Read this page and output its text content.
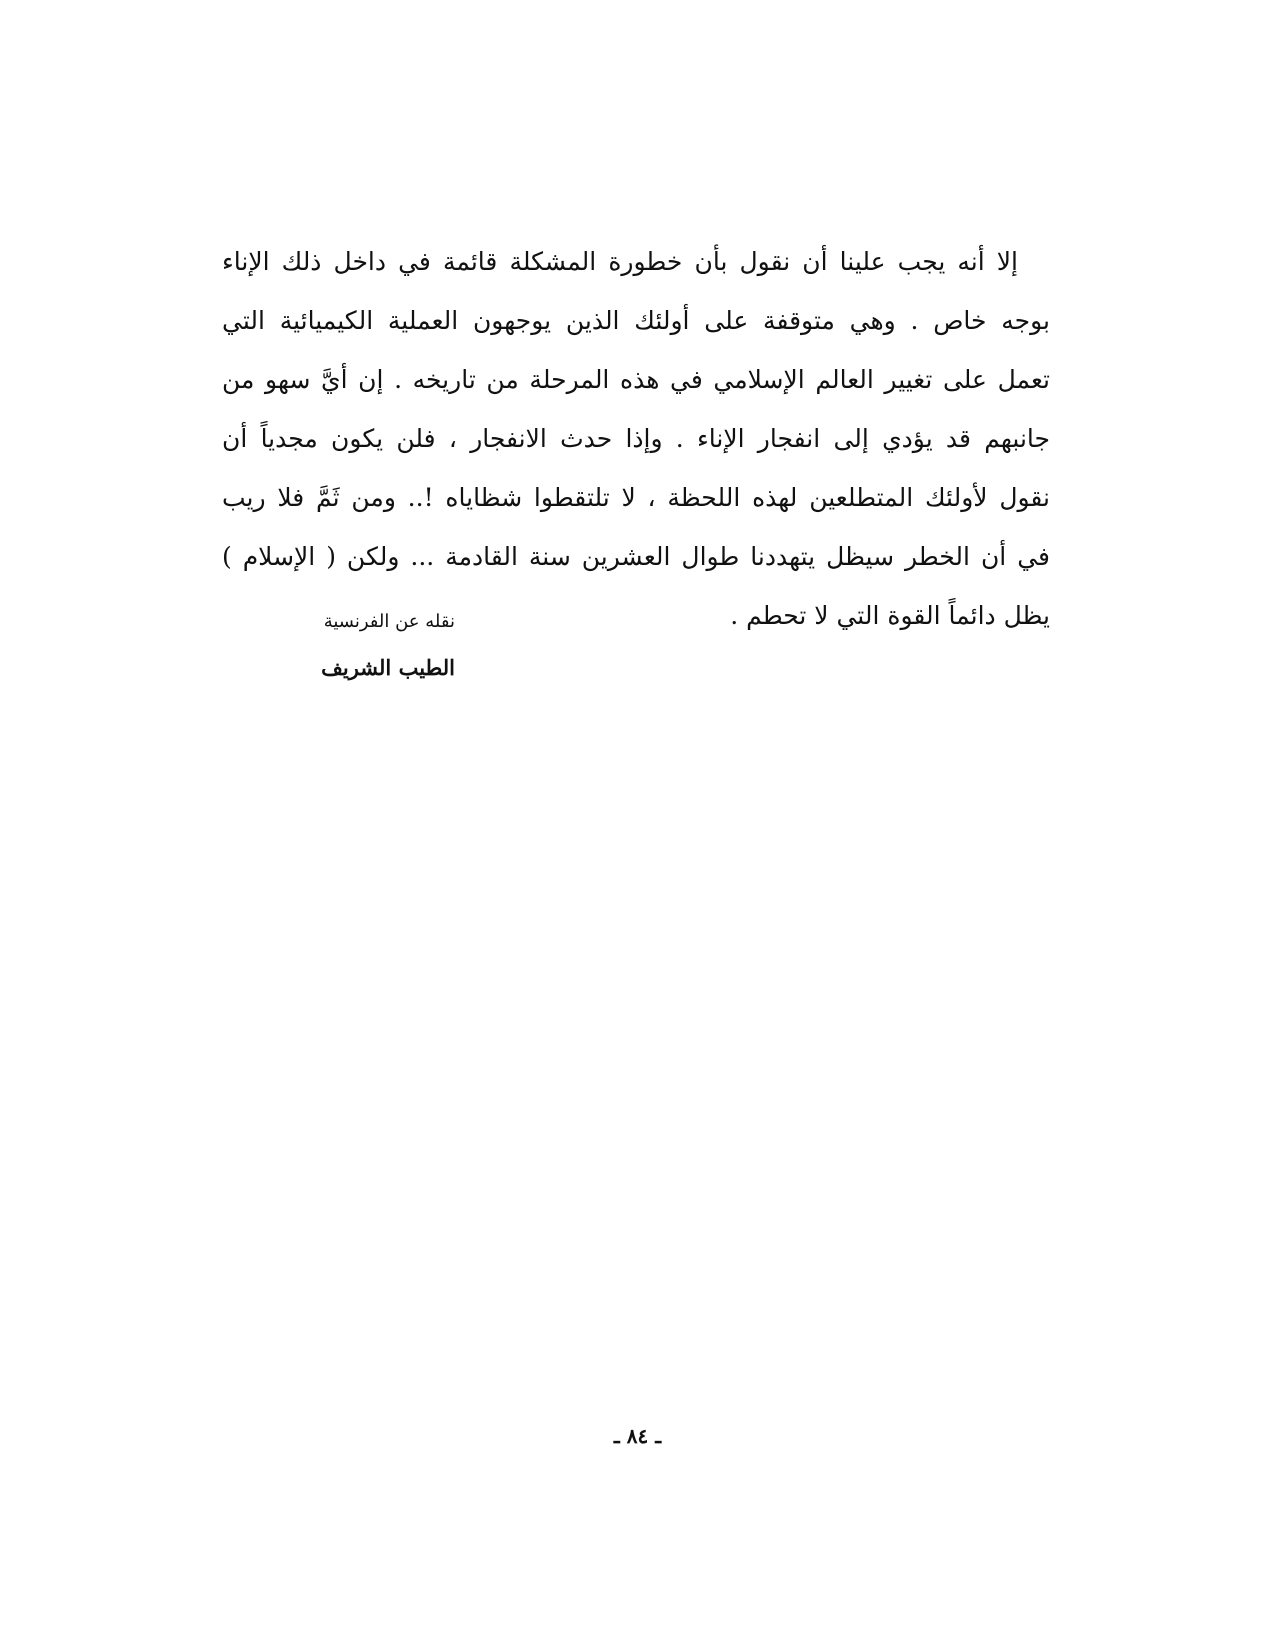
إلا أنه يجب علينا أن نقول بأن خطورة المشكلة قائمة في داخل ذلك الإناء
بوجه خاص . وهي متوقفة على أولئك الذين يوجهون العملية الكيميائية التي
تعمل على تغيير العالم الإسلامي في هذه المرحلة من تاريخه . إن أيَّ سهو من
جانبهم قد يؤدي إلى انفجار الإناء . وإذا حدث الانفجار ، فلن يكون مجدياً أن
نقول لأولئك المتطلعين لهذه اللحظة ، لا تلتقطوا شظاياه !.. ومن ثَمَّ فلا ريب
في أن الخطر سيظل يتهددنا طوال العشرين سنة القادمة ... ولكن ( الإسلام )
يظل دائماً القوة التي لا تحطم .
نقله عن الفرنسية
الطيب الشريف
ـ ٨٤ ـ
